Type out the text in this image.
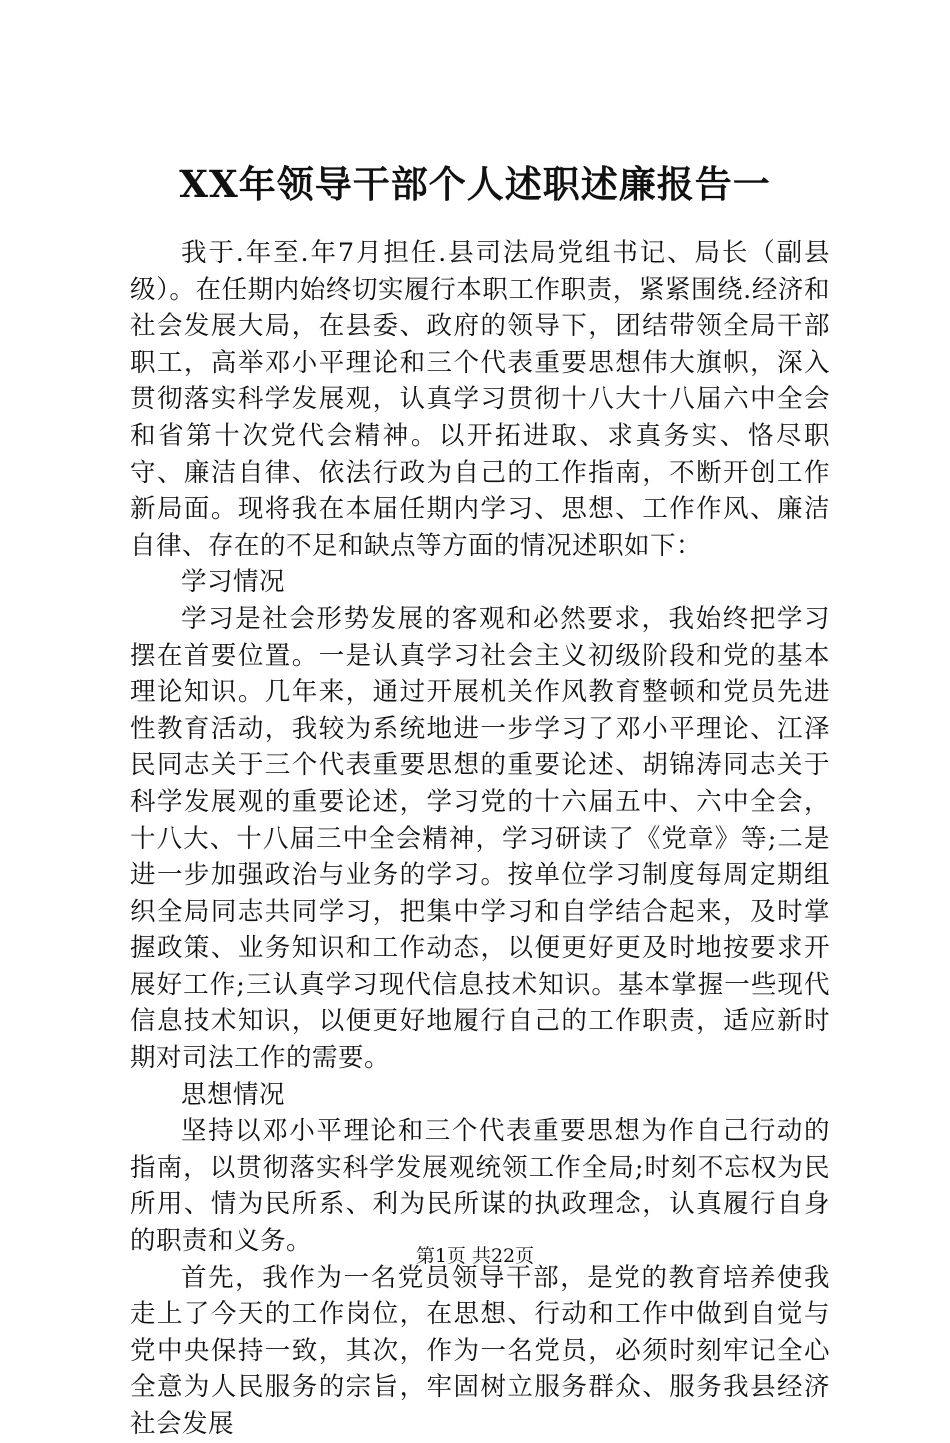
XX年领导干部个人述职述廉报告一

我于.年至.年7月担任.县司法局党组书记、局长（副县级）。在任期内始终切实履行本职工作职责，紧紧围绕.经济和社会发展大局，在县委、政府的领导下，团结带领全局干部职工，高举邓小平理论和三个代表重要思想伟大旗帜，深入贯彻落实科学发展观，认真学习贯彻十八大十八届六中全会和省第十次党代会精神。以开拓进取、求真务实、恪尽职守、廉洁自律、依法行政为自己的工作指南，不断开创工作新局面。现将我在本届任期内学习、思想、工作作风、廉洁自律、存在的不足和缺点等方面的情况述职如下：

学习情况

学习是社会形势发展的客观和必然要求，我始终把学习摆在首要位置。一是认真学习社会主义初级阶段和党的基本理论知识。几年来，通过开展机关作风教育整顿和党员先进性教育活动，我较为系统地进一步学习了邓小平理论、江泽民同志关于三个代表重要思想的重要论述、胡锦涛同志关于科学发展观的重要论述，学习党的十六届五中、六中全会，十八大、十八届三中全会精神，学习研读了《党章》等;二是进一步加强政治与业务的学习。按单位学习制度每周定期组织全局同志共同学习，把集中学习和自学结合起来，及时掌握政策、业务知识和工作动态，以便更好更及时地按要求开展好工作;三认真学习现代信息技术知识。基本掌握一些现代信息技术知识，以便更好地履行自己的工作职责，适应新时期对司法工作的需要。

思想情况

坚持以邓小平理论和三个代表重要思想为作自己行动的指南，以贯彻落实科学发展观统领工作全局;时刻不忘权为民所用、情为民所系、利为民所谋的执政理念，认真履行自身的职责和义务。

首先，我作为一名党员领导干部，是党的教育培养使我走上了今天的工作岗位，在思想、行动和工作中做到自觉与党中央保持一致，其次，作为一名党员，必须时刻牢记全心全意为人民服务的宗旨，牢固树立服务群众、服务我县经济社会发展

第1页 共22页
